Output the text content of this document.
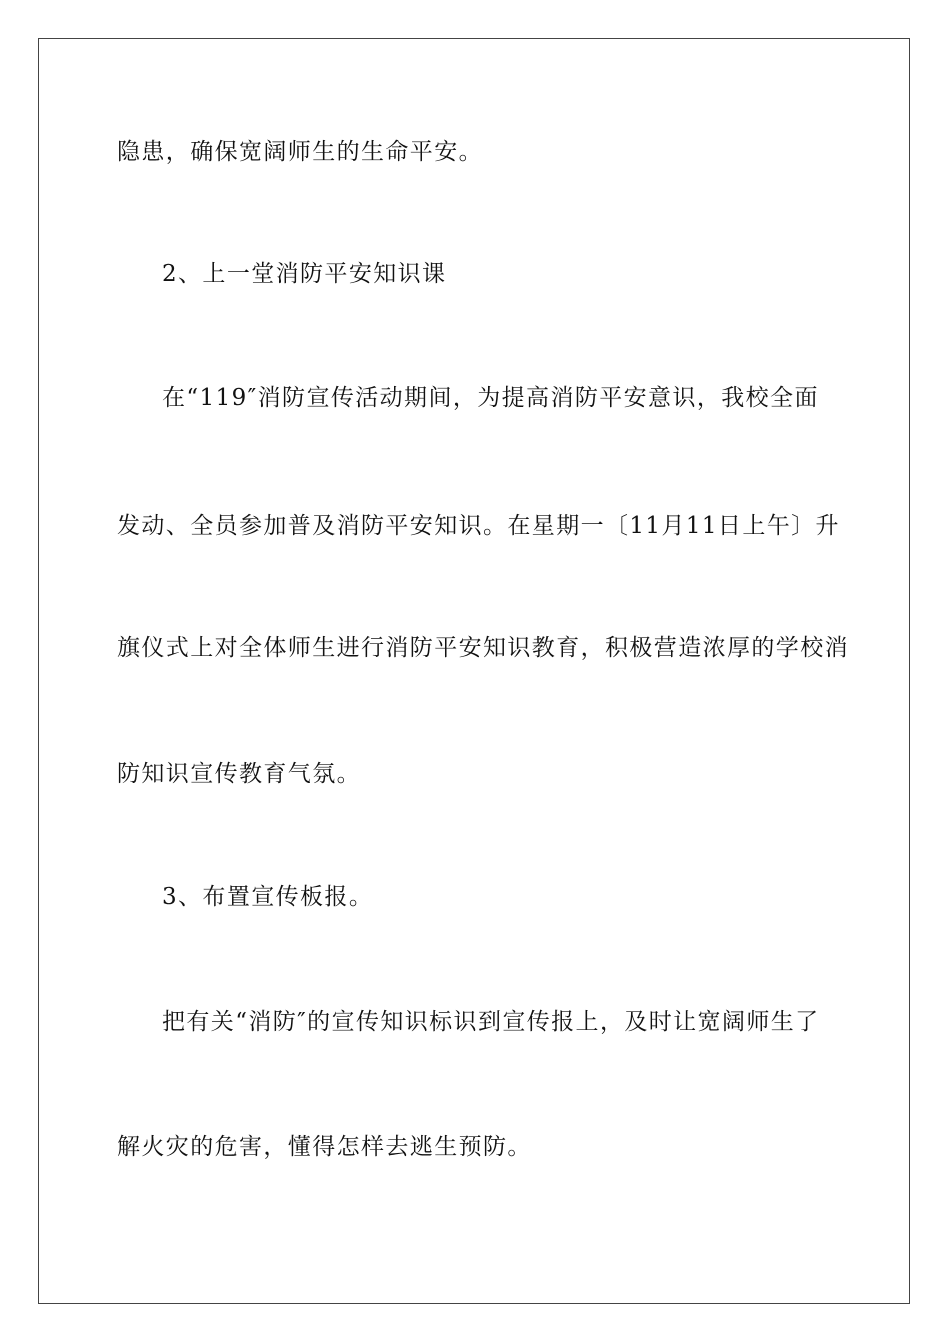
隐患，确保宽阔师生的生命平安。
2、上一堂消防平安知识课
在“119″消防宣传活动期间，为提高消防平安意识，我校全面
发动、全员参加普及消防平安知识。在星期一〔11月11日上午〕升
旗仪式上对全体师生进行消防平安知识教育，积极营造浓厚的学校消
防知识宣传教育气氛。
3、布置宣传板报。
把有关“消防″的宣传知识标识到宣传报上，及时让宽阔师生了
解火灾的危害，懂得怎样去逃生预防。
